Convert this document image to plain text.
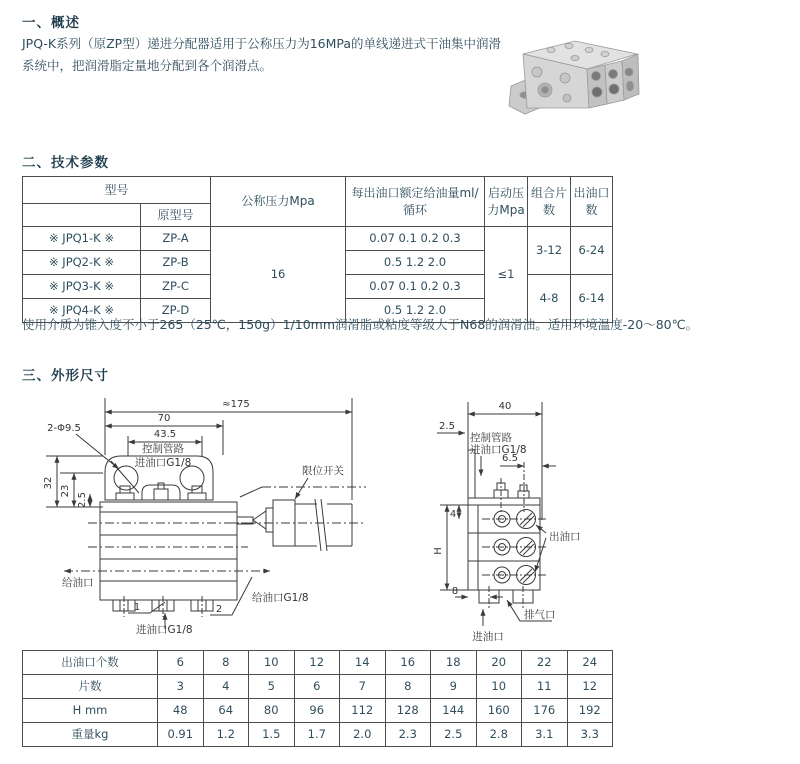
一、概述
JPQ-K系列（原ZP型）递进分配器适用于公称压力为16MPa的单线递进式干油集中润滑
系统中，把润滑脂定量地分配到各个润滑点。
二、技术参数
型号		公称压力Mpa	每出油口额定给油量ml/循环	启动压力Mpa	组合片数	出油口数
	原型号					
※ JPQ1-K ※	ZP-A	16	0.07 0.1 0.2 0.3	≤1	3-12	6-24
※ JPQ2-K ※	ZP-B		0.5 1.2 2.0			
※ JPQ3-K ※	ZP-C		0.07 0.1 0.2 0.3		4-8	6-14
※ JPQ4-K ※	ZP-D		0.5 1.2 2.0			
使用介质为锥入度不小于265（25℃，150g）1/10mm润滑脂或粘度等级大于N68的润滑油。适用环境温度-20～80℃。
三、外形尺寸
≈175
70
43.5
2-Φ9.5
32
23
2.5
控制管路
进油口G1/8
限位开关
给油口
给油口G1/8
进油口G1/8
1	2
40
2.5
6.5
4
H
8
控制管路
进油口G1/8
出油口
排气口
进油口
出油口个数	6	8	10	12	14	16	18	20	22	24
片数	3	4	5	6	7	8	9	10	11	12
H mm	48	64	80	96	112	128	144	160	176	192
重量kg	0.91	1.2	1.5	1.7	2.0	2.3	2.5	2.8	3.1	3.3
